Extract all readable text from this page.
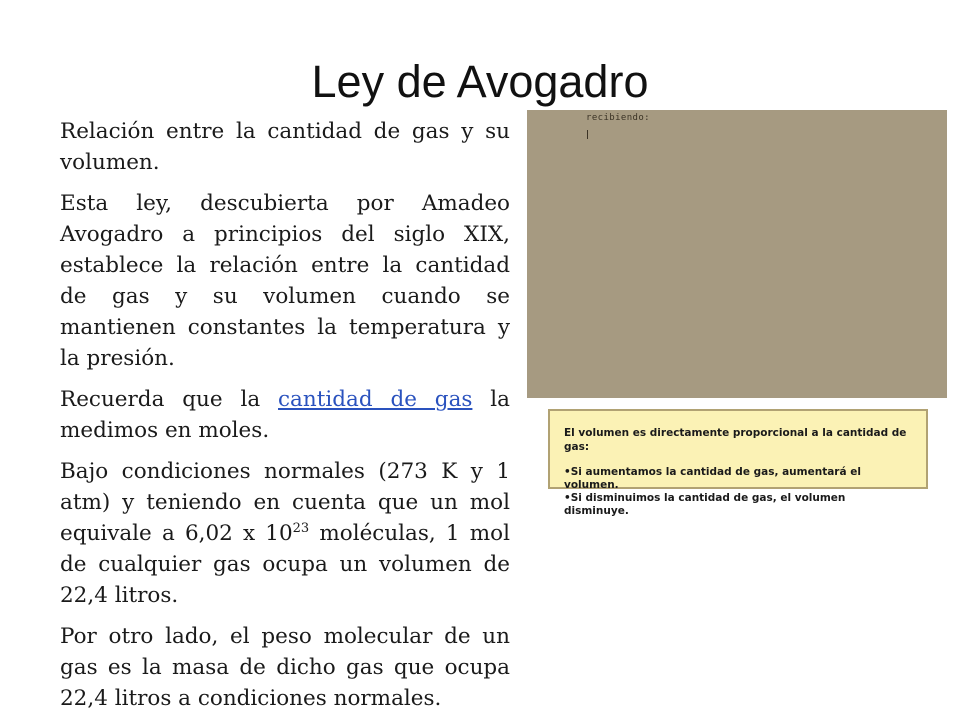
Ley de Avogadro

Relación entre la cantidad de gas y su volumen.

Esta ley, descubierta por Amadeo Avogadro a principios del siglo XIX, establece la relación entre la cantidad de gas y su volumen cuando se mantienen constantes la temperatura y la presión.

Recuerda que la cantidad de gas la medimos en moles.

Bajo condiciones normales (273 K y 1 atm) y teniendo en cuenta que un mol equivale a 6,02 x $10^{23}$ moléculas, 1 mol de cualquier gas ocupa un volumen de 22,4 litros.

Por otro lado, el peso molecular de un gas es la masa de dicho gas que ocupa 22,4 litros a condiciones normales.

recibiendo:

El volumen es directamente proporcional a la cantidad de gas:

•Si aumentamos la cantidad de gas, aumentará el volumen.

•Si disminuimos la cantidad de gas, el volumen disminuye.
